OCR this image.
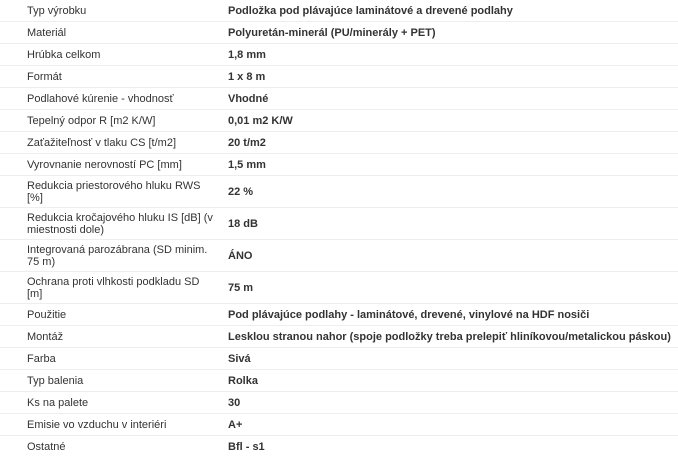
Typ výrobku	Podložka pod plávajúce laminátové a drevené podlahy
Materiál	Polyuretán-minerál (PU/minerály + PET)
Hrúbka celkom	1,8 mm
Formát	1 x 8 m
Podlahové kúrenie - vhodnosť	Vhodné
Tepelný odpor R [m2 K/W]	0,01 m2 K/W
Zaťažiteľnosť v tlaku CS [t/m2]	20 t/m2
Vyrovnanie nerovností PC [mm]	1,5 mm
Redukcia priestorového hluku RWS [%]	22 %
Redukcia kročajového hluku IS [dB] (v miestnosti dole)	18 dB
Integrovaná parozábrana (SD minim. 75 m)	ÁNO
Ochrana proti vlhkosti podkladu SD [m]	75 m
Použitie	Pod plávajúce podlahy - laminátové, drevené, vinylové na HDF nosiči
Montáž	Lesklou stranou nahor (spoje podložky treba prelepiť hliníkovou/metalickou páskou)
Farba	Sivá
Typ balenia	Rolka
Ks na palete	30
Emisie vo vzduchu v interiéri	A+
Ostatné	Bfl - s1
